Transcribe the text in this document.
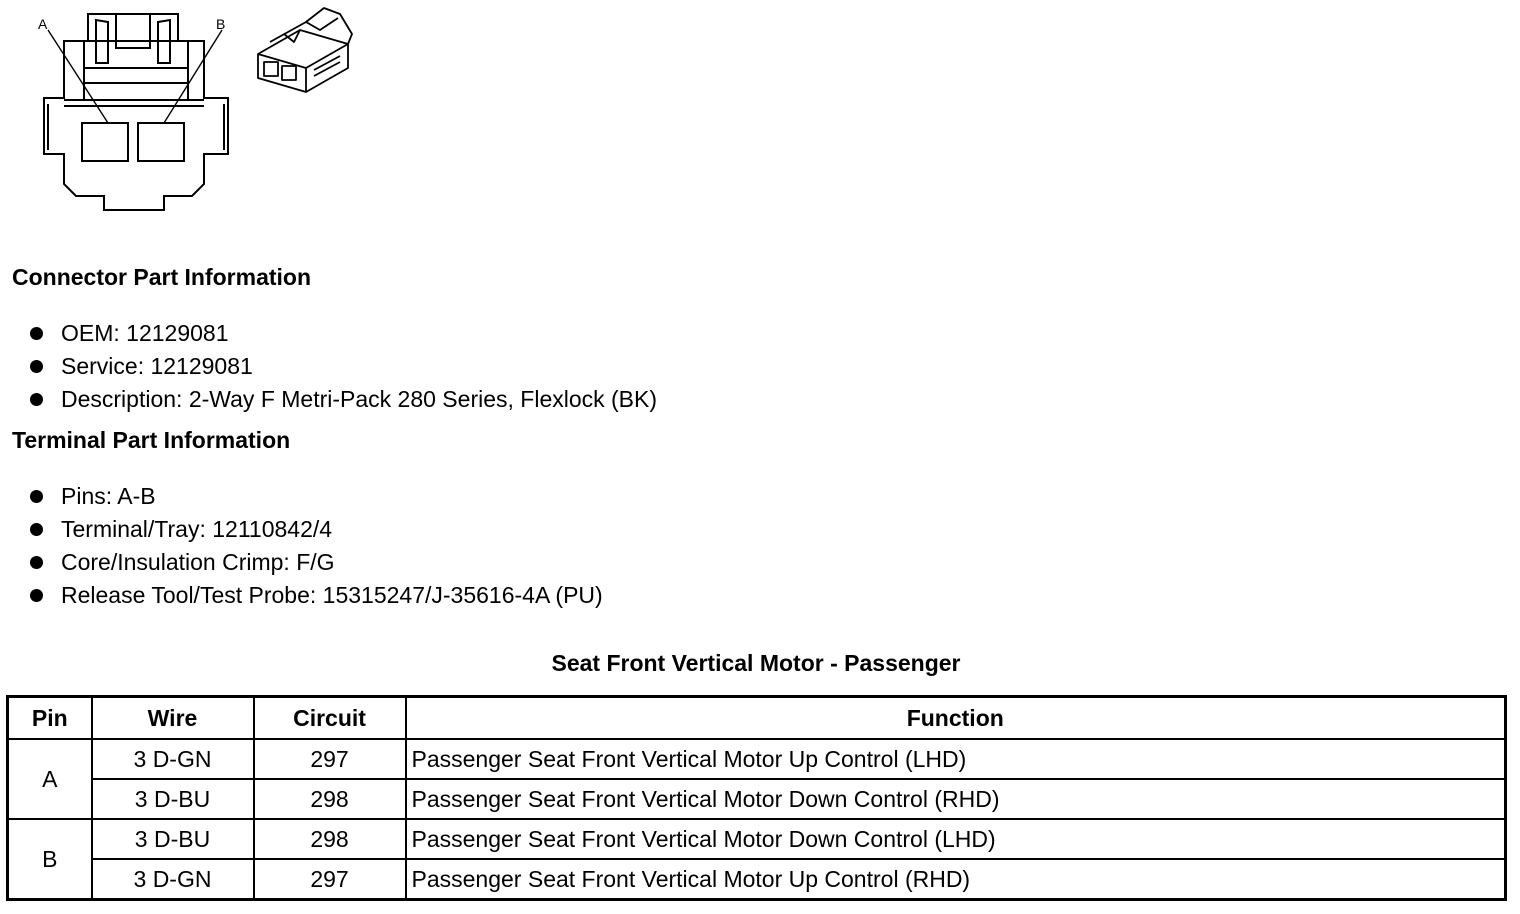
A	B
Connector Part Information
OEM: 12129081
Service: 12129081
Description: 2-Way F Metri-Pack 280 Series, Flexlock (BK)
Terminal Part Information
Pins: A-B
Terminal/Tray: 12110842/4
Core/Insulation Crimp: F/G
Release Tool/Test Probe: 15315247/J-35616-4A (PU)
Seat Front Vertical Motor - Passenger
Pin	Wire	Circuit	Function
A	3 D-GN	297	Passenger Seat Front Vertical Motor Up Control (LHD)
	3 D-BU	298	Passenger Seat Front Vertical Motor Down Control (RHD)
B	3 D-BU	298	Passenger Seat Front Vertical Motor Down Control (LHD)
	3 D-GN	297	Passenger Seat Front Vertical Motor Up Control (RHD)
